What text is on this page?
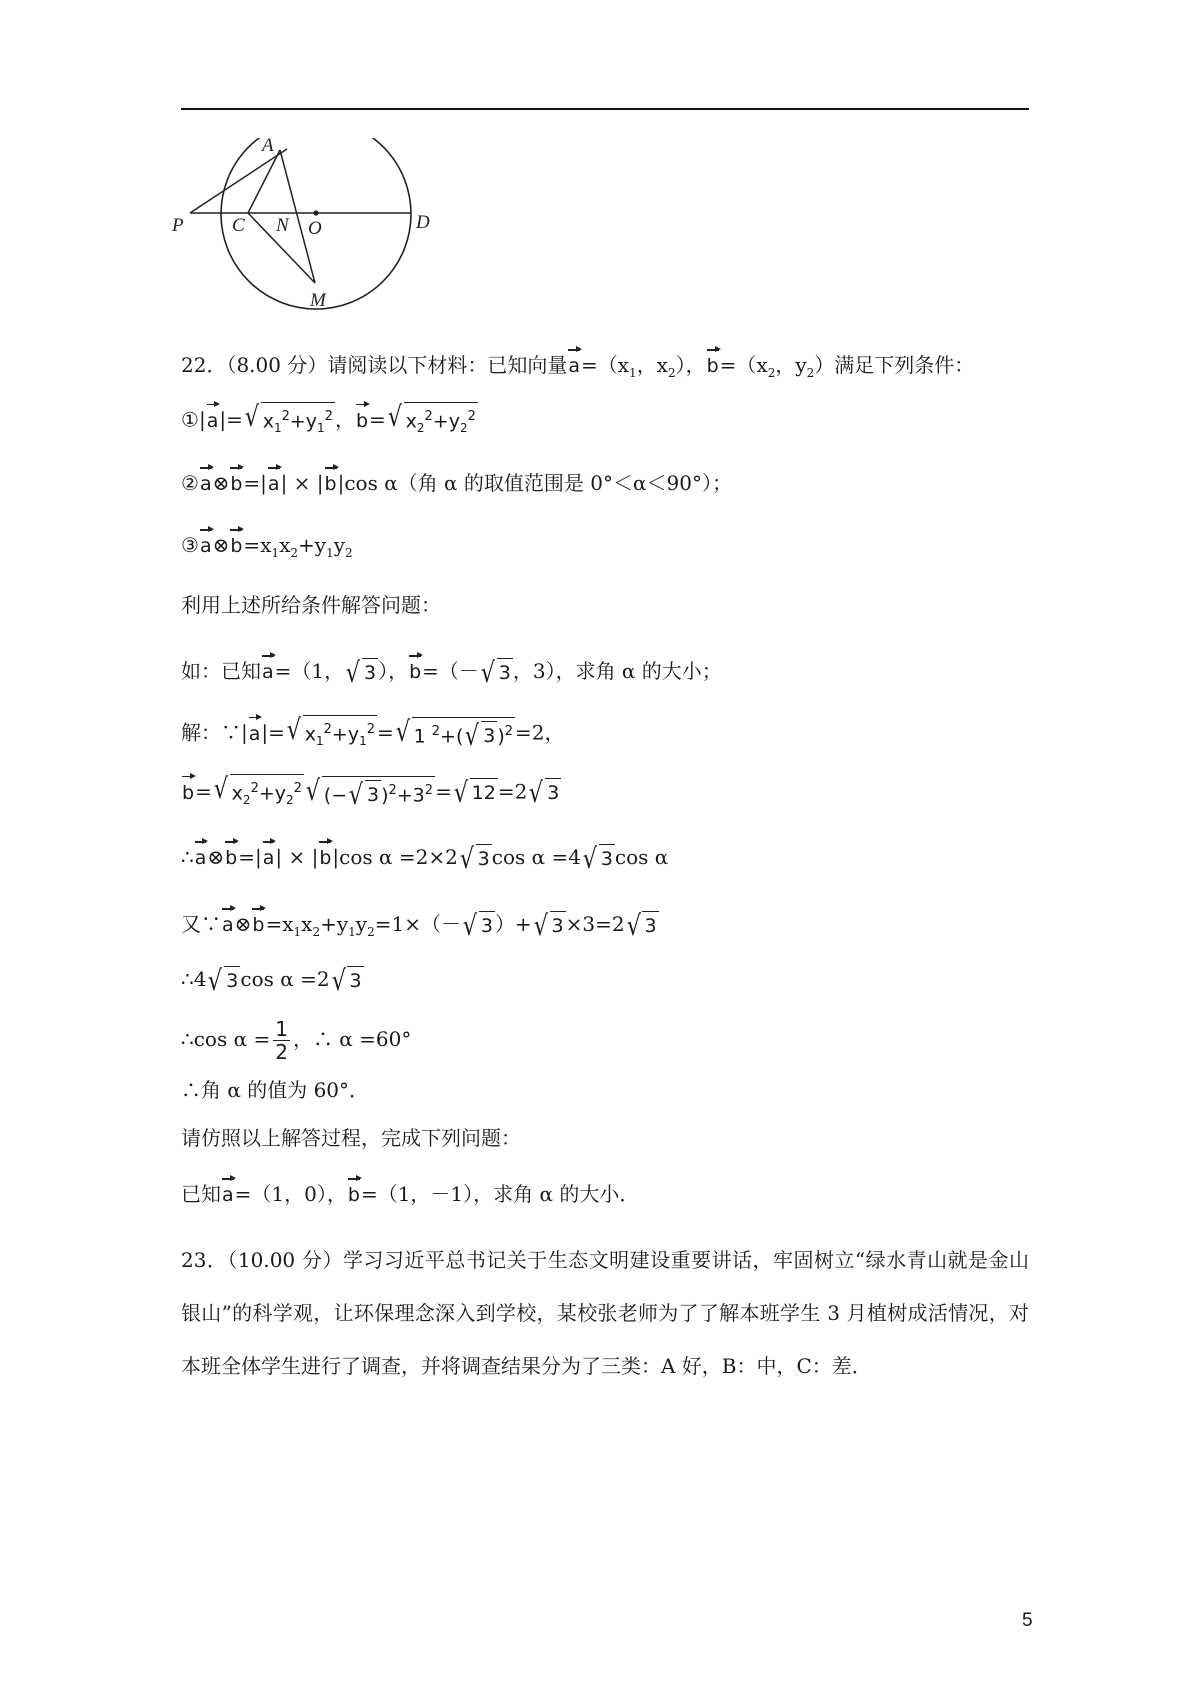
A
P	C N O	D
M
22．（8.00 分）请阅读以下材料：已知向量$a=(x_1$，$x_2$），$b=(x_2$，$y_2$）满足下列条件：
①|a|= √ $x_1^2+y_1^2$ ，b= √ $x_2^2+y_2^2$
②a⊗b=|a| × |b|cos α（角 α 的取值范围是 0°＜α＜90°）；
$③a\otimes b=x_1x_2+y_1y_2$
利用上述所给条件解答问题：
如：已知a=（1， √ 3 ），b=（－ √ 3 ，3），求角 α 的大小；
解：∵|a|= √ $x_1^2+y_1^2$ = √ 1 $^2$+( √ 3 )$^2$ =2，
b= √ $x_2^2+y_2^2$ √ (− √ 3 )$^2+3^2$ = √ 12 =2 √ 3
∴a⊗b=|a| × |b|cos α =2×2 √ 3 cos α =4 √ 3 cos α
又$\because a\otimes b=x_1x_2+y_1y_2=1\times(-$ √ 3 ）+ √ 3 ×3=2 √ 3
∴4 √ 3 cos α =2 √ 3
∴cos $\alpha = \frac{1}{2}$ ，∴ α =60°
∴角 α 的值为 60°．
请仿照以上解答过程，完成下列问题：
已知a=（1，0），b=（1，－1），求角 α 的大小．
23．（10.00 分）学习习近平总书记关于生态文明建设重要讲话，牢固树立“绿水青山就是金山银山”的科学观，让环保理念深入到学校，某校张老师为了了解本班学生 3 月植树成活情况，对本班全体学生进行了调查，并将调查结果分为了三类：A 好，B：中，C：差．
5
